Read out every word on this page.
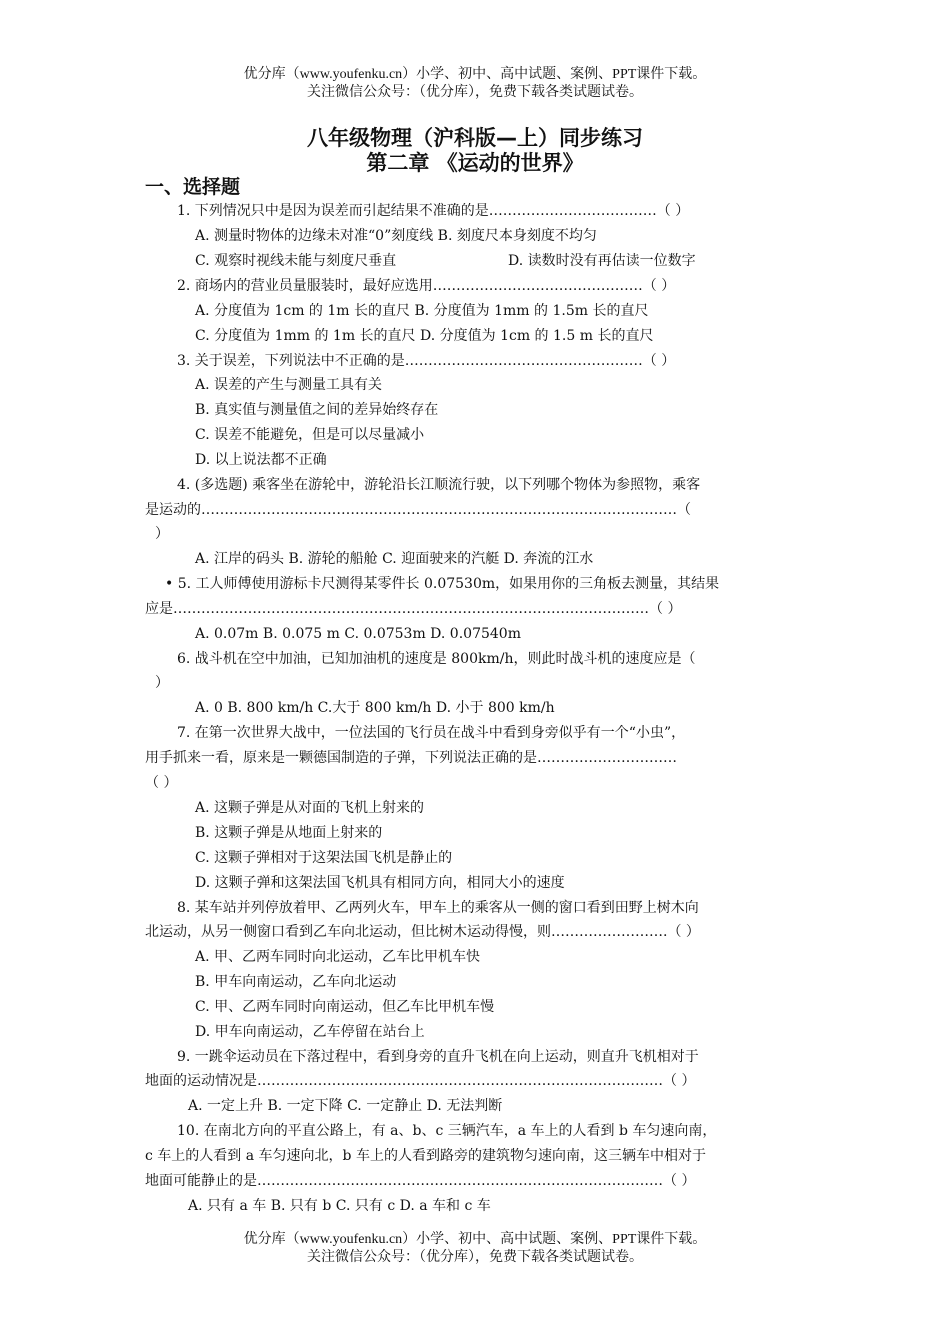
优分库（www.youfenku.cn）小学、初中、高中试题、案例、PPT课件下载。
关注微信公众号：（优分库），免费下载各类试题试卷。
八年级物理（沪科版—上）同步练习
第二章 《运动的世界》
一、选择题
1. 下列情况只中是因为误差而引起结果不准确的是………………………………（ ）
A. 测量时物体的边缘未对准“0”刻度线 B. 刻度尺本身刻度不均匀
C. 观察时视线未能与刻度尺垂直	D. 读数时没有再估读一位数字
2. 商场内的营业员量服装时，最好应选用………………………………………（ ）
A. 分度值为 1cm 的 1m 长的直尺 B. 分度值为 1mm 的 1.5m 长的直尺
C. 分度值为 1mm 的 1m 长的直尺 D. 分度值为 1cm 的 1.5 m 长的直尺
3. 关于误差，下列说法中不正确的是……………………………………………（ ）
A. 误差的产生与测量工具有关
B. 真实值与测量值之间的差异始终存在
C. 误差不能避免，但是可以尽量减小
D. 以上说法都不正确
4. (多选题) 乘客坐在游轮中，游轮沿长江顺流行驶，以下列哪个物体为参照物，乘客
是运动的…………………………………………………………………………………………（
）
A. 江岸的码头 B. 游轮的船舱 C. 迎面驶来的汽艇 D. 奔流的江水
• 5. 工人师傅使用游标卡尺测得某零件长 0.07530m，如果用你的三角板去测量，其结果
应是…………………………………………………………………………………………（ ）
A. 0.07m B. 0.075 m C. 0.0753m D. 0.07540m
6. 战斗机在空中加油，已知加油机的速度是 800km/h，则此时战斗机的速度应是（
）
A. 0 B. 800 km/h C.大于 800 km/h D. 小于 800 km/h
7. 在第一次世界大战中，一位法国的飞行员在战斗中看到身旁似乎有一个“小虫”，
用手抓来一看，原来是一颗德国制造的子弹，下列说法正确的是…………………………
（ ）
A. 这颗子弹是从对面的飞机上射来的
B. 这颗子弹是从地面上射来的
C. 这颗子弹相对于这架法国飞机是静止的
D. 这颗子弹和这架法国飞机具有相同方向，相同大小的速度
8. 某车站并列停放着甲、乙两列火车，甲车上的乘客从一侧的窗口看到田野上树木向
北运动，从另一侧窗口看到乙车向北运动，但比树木运动得慢，则…………………….（ ）
A. 甲、乙两车同时向北运动，乙车比甲机车快
B. 甲车向南运动，乙车向北运动
C. 甲、乙两车同时向南运动，但乙车比甲机车慢
D. 甲车向南运动，乙车停留在站台上
9. 一跳伞运动员在下落过程中，看到身旁的直升飞机在向上运动，则直升飞机相对于
地面的运动情况是……………………………………………………………………………（ ）
A. 一定上升 B. 一定下降 C. 一定静止 D. 无法判断
10. 在南北方向的平直公路上，有 a、b、c 三辆汽车，a 车上的人看到 b 车匀速向南，
c 车上的人看到 a 车匀速向北，b 车上的人看到路旁的建筑物匀速向南，这三辆车中相对于
地面可能静止的是……………………………………………………………………………（ ）
A. 只有 a 车 B. 只有 b C. 只有 c D. a 车和 c 车
优分库（www.youfenku.cn）小学、初中、高中试题、案例、PPT课件下载。
关注微信公众号：（优分库），免费下载各类试题试卷。
